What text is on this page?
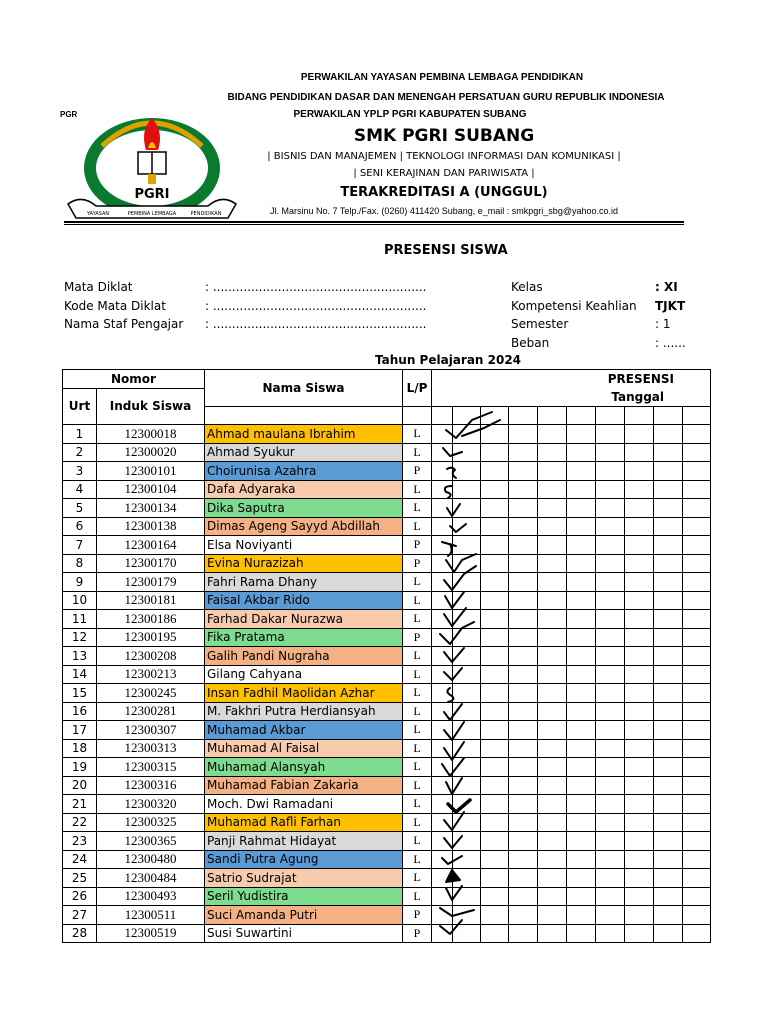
PGRI
YAYASAN	PEMBINA LEMBAGA	PENDIDIKAN
PGR
PERWAKILAN YAYASAN PEMBINA LEMBAGA PENDIDIKAN
BIDANG PENDIDIKAN DASAR DAN MENENGAH PERSATUAN GURU REPUBLIK INDONESIA
PERWAKILAN YPLP PGRI KABUPATEN SUBANG
SMK PGRI SUBANG
| BISNIS DAN MANAJEMEN | TEKNOLOGI INFORMASI DAN KOMUNIKASI |
| SENI KERAJINAN DAN PARIWISATA |
TERAKREDITASI A (UNGGUL)
Jl. Marsinu No. 7 Telp./Fax. (0260) 411420 Subang, e_mail : smkpgri_sbg@yahoo.co.id
PRESENSI SISWA
Mata Diklat	: ........................................................
Kode Mata Diklat	: ........................................................
Nama Staf Pengajar : ........................................................
Kelas	: XI
Kompetensi Keahlian TJKT
Semester	: 1
Beban	: ......
Tahun Pelajaran 2024
Nomor		Nama Siswa	L/P	PRESENSI									
Urt	Induk Siswa			Tanggal									

1	12300018	Ahmad maulana Ibrahim	L										
2	12300020	Ahmad Syukur	L										
3	12300101	Choirunisa Azahra	P										
4	12300104	Dafa Adyaraka	L										
5	12300134	Dika Saputra	L										
6	12300138	Dimas Ageng Sayyd Abdillah	L										
7	12300164	Elsa Noviyanti	P										
8	12300170	Evina Nurazizah	P										
9	12300179	Fahri Rama Dhany	L										
10	12300181	Faisal Akbar Rido	L										
11	12300186	Farhad Dakar Nurazwa	L										
12	12300195	Fika Pratama	P										
13	12300208	Galih Pandi Nugraha	L										
14	12300213	Gilang Cahyana	L										
15	12300245	Insan Fadhil Maolidan Azhar	L										
16	12300281	M. Fakhri Putra Herdiansyah	L										
17	12300307	Muhamad Akbar	L										
18	12300313	Muhamad Al Faisal	L										
19	12300315	Muhamad Alansyah	L										
20	12300316	Muhamad Fabian Zakaria	L										
21	12300320	Moch. Dwi Ramadani	L										
22	12300325	Muhamad Rafli Farhan	L										
23	12300365	Panji Rahmat Hidayat	L										
24	12300480	Sandi Putra Agung	L										
25	12300484	Satrio Sudrajat	L										
26	12300493	Seril Yudistira	L										
27	12300511	Suci Amanda Putri	P										
28	12300519	Susi Suwartini	P										
